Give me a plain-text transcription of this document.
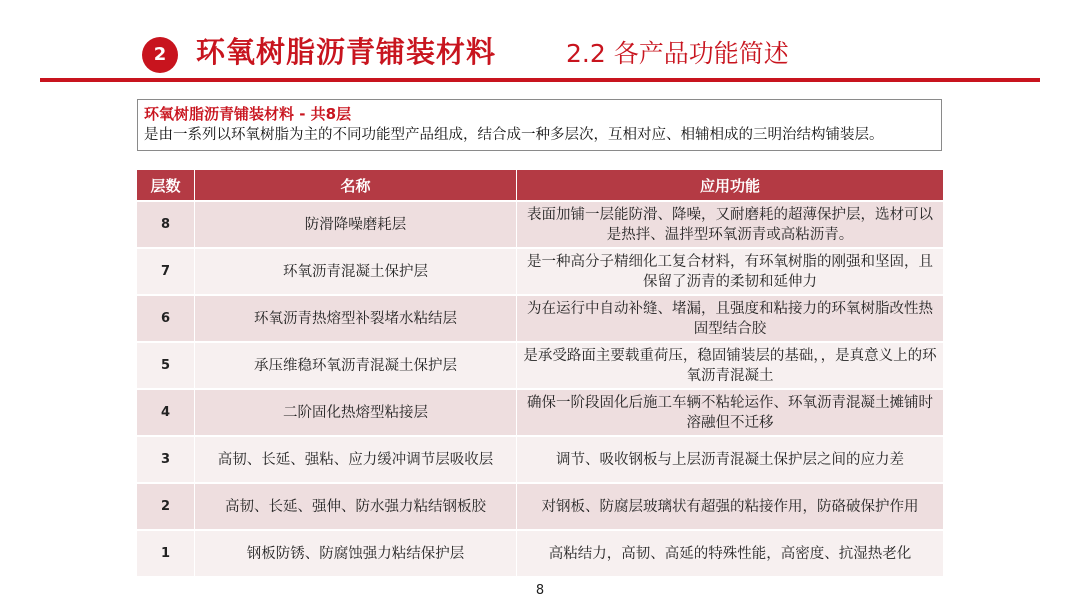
2	环氧树脂沥青铺装材料	2.2 各产品功能简述
环氧树脂沥青铺装材料 - 共8层
是由一系列以环氧树脂为主的不同功能型产品组成，结合成一种多层次，互相对应、相辅相成的三明治结构铺装层。
层数	名称	应用功能
8	防滑降噪磨耗层	表面加铺一层能防滑、降噪，又耐磨耗的超薄保护层，选材可以是热拌、温拌型环氧沥青或高粘沥青。
7	环氧沥青混凝土保护层	是一种高分子精细化工复合材料，有环氧树脂的刚强和坚固，且保留了沥青的柔韧和延伸力
6	环氧沥青热熔型补裂堵水粘结层	为在运行中自动补缝、堵漏，且强度和粘接力的环氧树脂改性热固型结合胶
5	承压维稳环氧沥青混凝土保护层	是承受路面主要载重荷压，稳固铺装层的基础，，是真意义上的环氧沥青混凝土
4	二阶固化热熔型粘接层	确保一阶段固化后施工车辆不粘轮运作、环氧沥青混凝土摊铺时溶融但不迁移
3	高韧、长延、强粘、应力缓冲调节层吸收层	调节、吸收钢板与上层沥青混凝土保护层之间的应力差
2	高韧、长延、强伸、防水强力粘结钢板胶	对钢板、防腐层玻璃状有超强的粘接作用，防硌破保护作用
1	钢板防锈、防腐蚀强力粘结保护层	高粘结力，高韧、高延的特殊性能，高密度、抗湿热老化
8
